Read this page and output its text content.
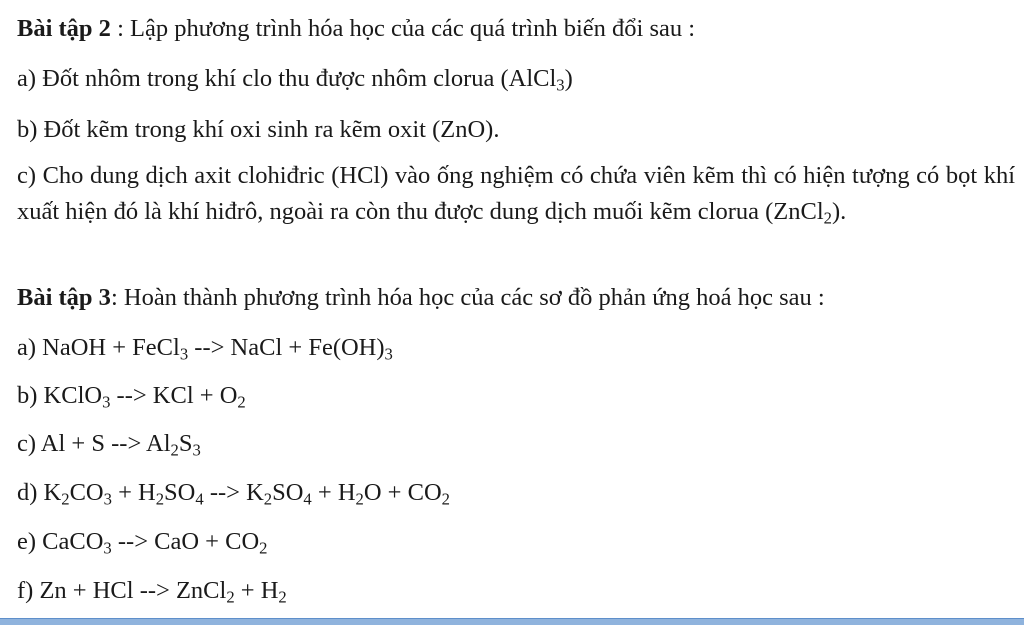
Bài tập 2 : Lập phương trình hóa học của các quá trình biến đổi sau :
a) Đốt nhôm trong khí clo thu được nhôm clorua (AlCl$_3$)
b) Đốt kẽm trong khí oxi sinh ra kẽm oxit (ZnO).
c) Cho dung dịch axit clohiđric (HCl) vào ống nghiệm có chứa viên kẽm thì có hiện tượng có bọt khí xuất hiện đó là khí hiđrô, ngoài ra còn thu được dung dịch muối kẽm clorua (ZnCl$_2$).
Bài tập 3: Hoàn thành phương trình hóa học của các sơ đồ phản ứng hoá học sau :
a) NaOH + FeCl$_3$ --> NaCl + $Fe(OH)_3$
b) KClO$_3$ --> KCl + $O_2$
c) Al + S --> $Al_2S_3$
d) $K_2CO_3 + H_2SO_4$ --> $K_2SO_4 + H_2O + CO_2$
e) CaCO$_3$ --> CaO + $CO_2$
f) Zn + HCl --> ZnCl$_2$ + $H_2$
